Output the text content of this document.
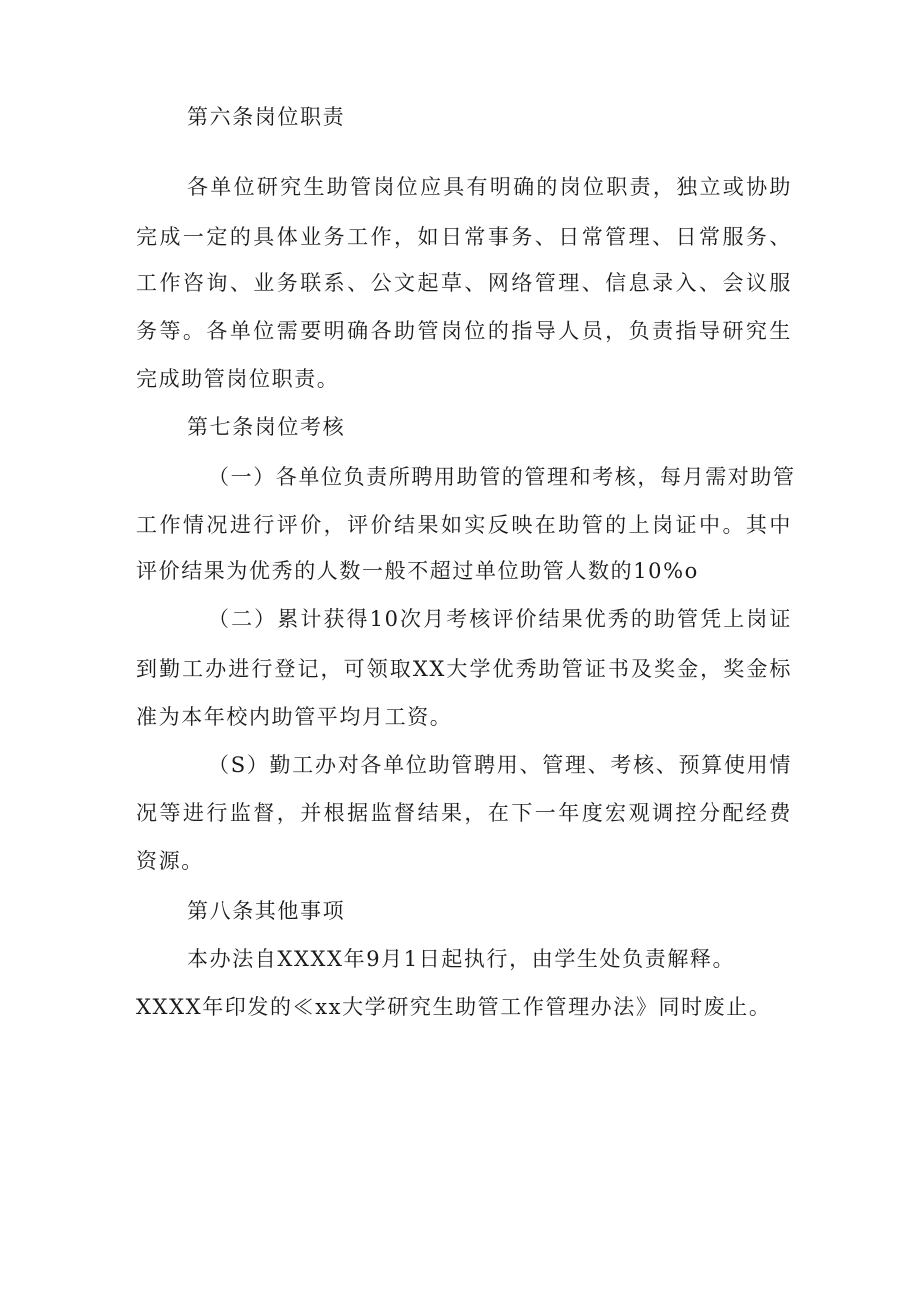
第六条岗位职责
各单位研究生助管岗位应具有明确的岗位职责，独立或协助
完成一定的具体业务工作，如日常事务、日常管理、日常服务、
工作咨询、业务联系、公文起草、网络管理、信息录入、会议服
务等。各单位需要明确各助管岗位的指导人员，负责指导研究生
完成助管岗位职责。
第七条岗位考核
（一）各单位负责所聘用助管的管理和考核，每月需对助管
工作情况进行评价，评价结果如实反映在助管的上岗证中。其中
评价结果为优秀的人数一般不超过单位助管人数的10%o
（二）累计获得10次月考核评价结果优秀的助管凭上岗证
到勤工办进行登记，可领取XX大学优秀助管证书及奖金，奖金标
准为本年校内助管平均月工资。
（S）勤工办对各单位助管聘用、管理、考核、预算使用情
况等进行监督，并根据监督结果，在下一年度宏观调控分配经费
资源。
第八条其他事项
本办法自XXXX年9月1日起执行，由学生处负责解释。
XXXX年印发的≪xx大学研究生助管工作管理办法》同时废止。
